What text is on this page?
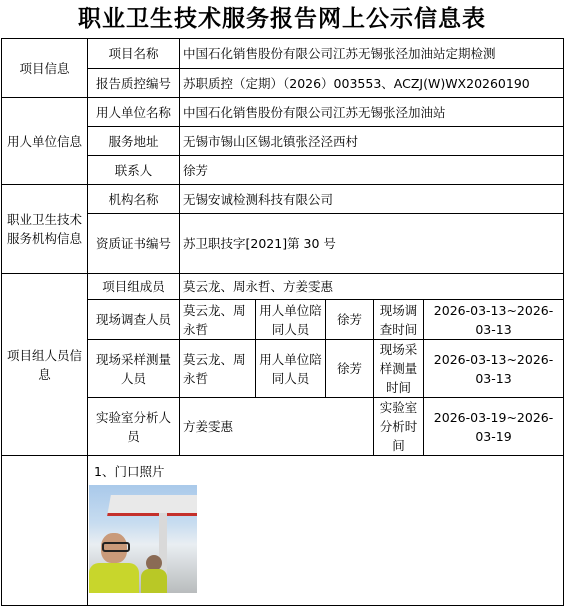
职业卫生技术服务报告网上公示信息表
项目信息	项目名称	中国石化销售股份有限公司江苏无锡张泾加油站定期检测				
	报告质控编号	苏职质控（定期）（2026）003553、ACZJ(W)WX20260190				
用人单位信息	用人单位名称	中国石化销售股份有限公司江苏无锡张泾加油站				
	服务地址	无锡市锡山区锡北镇张泾泾西村				
	联系人	徐芳				
职业卫生技术服务机构信息	机构名称	无锡安诚检测科技有限公司				
	资质证书编号	苏卫职技字[2021]第 30 号				
项目组人员信息	项目组成员	莫云龙、周永哲、方姜雯惠				
	现场调查人员	莫云龙、周永哲	用人单位陪同人员	徐芳	现场调查时间	2026-03-13~2026-03-13
	现场采样测量人员	莫云龙、周永哲	用人单位陪同人员	徐芳	现场采样测量时间	2026-03-13~2026-03-13
	实验室分析人员	方姜雯惠			实验室分析时间	2026-03-19~2026-03-19

	1、门口照片					
